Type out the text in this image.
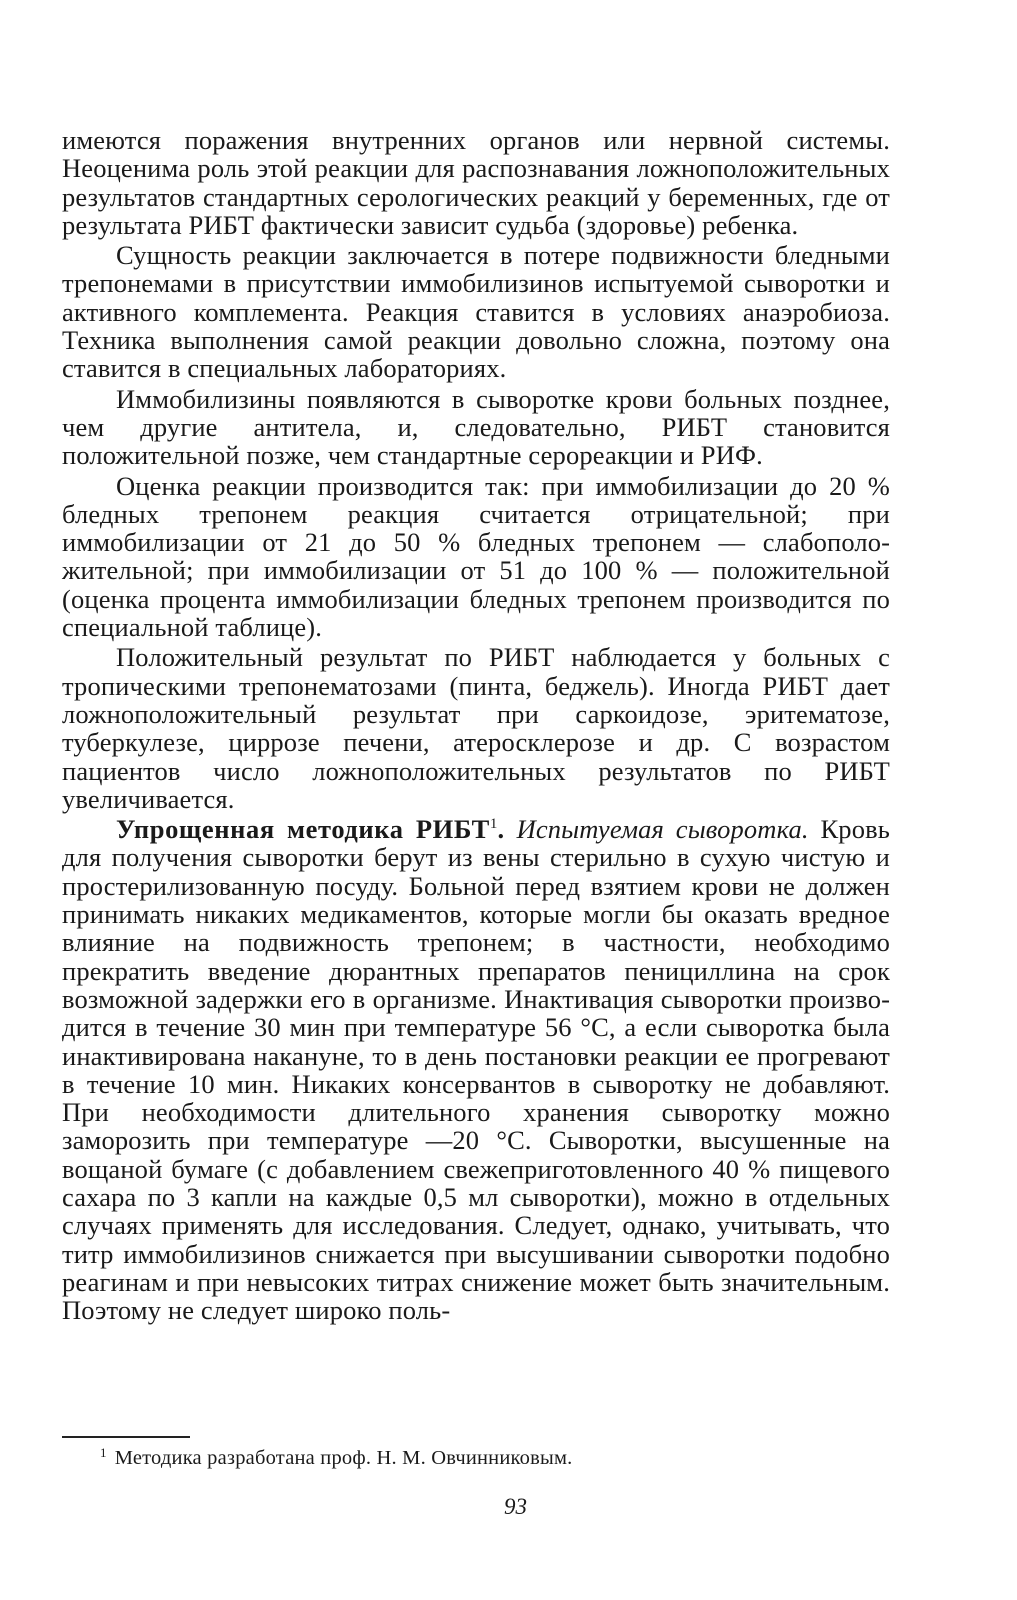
имеются поражения внутренних органов или нервной системы. Неоценима роль этой реакции для распознавания ложноположительных результатов стандартных серологических реакций у беременных, где от результата РИБТ фактически зависит судьба (здоровье) ребенка.

Сущность реакции заключается в потере подвижности бледными трепонемами в присутствии иммобилизинов испытуемой сыворотки и активного комплемента. Реакция ставится в условиях анаэробиоза. Техника выполнения самой реакции довольно сложна, поэтому она ставится в специальных лабораториях.

Иммобилизины появляются в сыворотке крови больных позднее, чем другие антитела, и, следовательно, РИБТ становится положительной позже, чем стандартные серореакции и РИФ.

Оценка реакции производится так: при иммобилизации до 20 % бледных трепонем реакция считается отрицательной; при иммобилизации от 21 до 50 % бледных трепонем — слабоположительной; при иммобилизации от 51 до 100 % — положительной (оценка процента иммобилизации бледных трепонем производится по специальной таблице).

Положительный результат по РИБТ наблюдается у больных с тропическими трепонематозами (пинта, беджель). Иногда РИБТ дает ложноположительный результат при саркоидозе, эритематозе, туберкулезе, циррозе печени, атеросклерозе и др. С возрастом пациентов число ложноположительных результатов по РИБТ увеличивается.

Упрощенная методика РИБТ$^1$. Испытуемая сыворотка. Кровь для получения сыворотки берут из вены стерильно в сухую чистую и простерилизованную посуду. Больной перед взятием крови не должен принимать никаких медикаментов, которые могли бы оказать вредное влияние на подвижность трепонем; в частности, необходимо прекратить введение дюрантных препаратов пенициллина на срок возможной задержки его в организме. Инактивация сыворотки производится в течение 30 мин при температуре 56 °С, а если сыворотка была инактивирована накануне, то в день постановки реакции ее прогревают в течение 10 мин. Никаких консервантов в сыворотку не добавляют. При необходимости длительного хранения сыворотку можно заморозить при температуре —20 °С. Сыворотки, высушенные на вощаной бумаге (с добавлением свежеприготовленного 40 % пищевого сахара по 3 капли на каждые 0,5 мл сыворотки), можно в отдельных случаях применять для исследования. Следует, однако, учитывать, что титр иммобилизинов снижается при высушивании сыворотки подобно реагинам и при невысоких титрах снижение может быть значительным. Поэтому не следует широко поль-

$^1$ Методика разработана проф. Н. М. Овчинниковым.
93
